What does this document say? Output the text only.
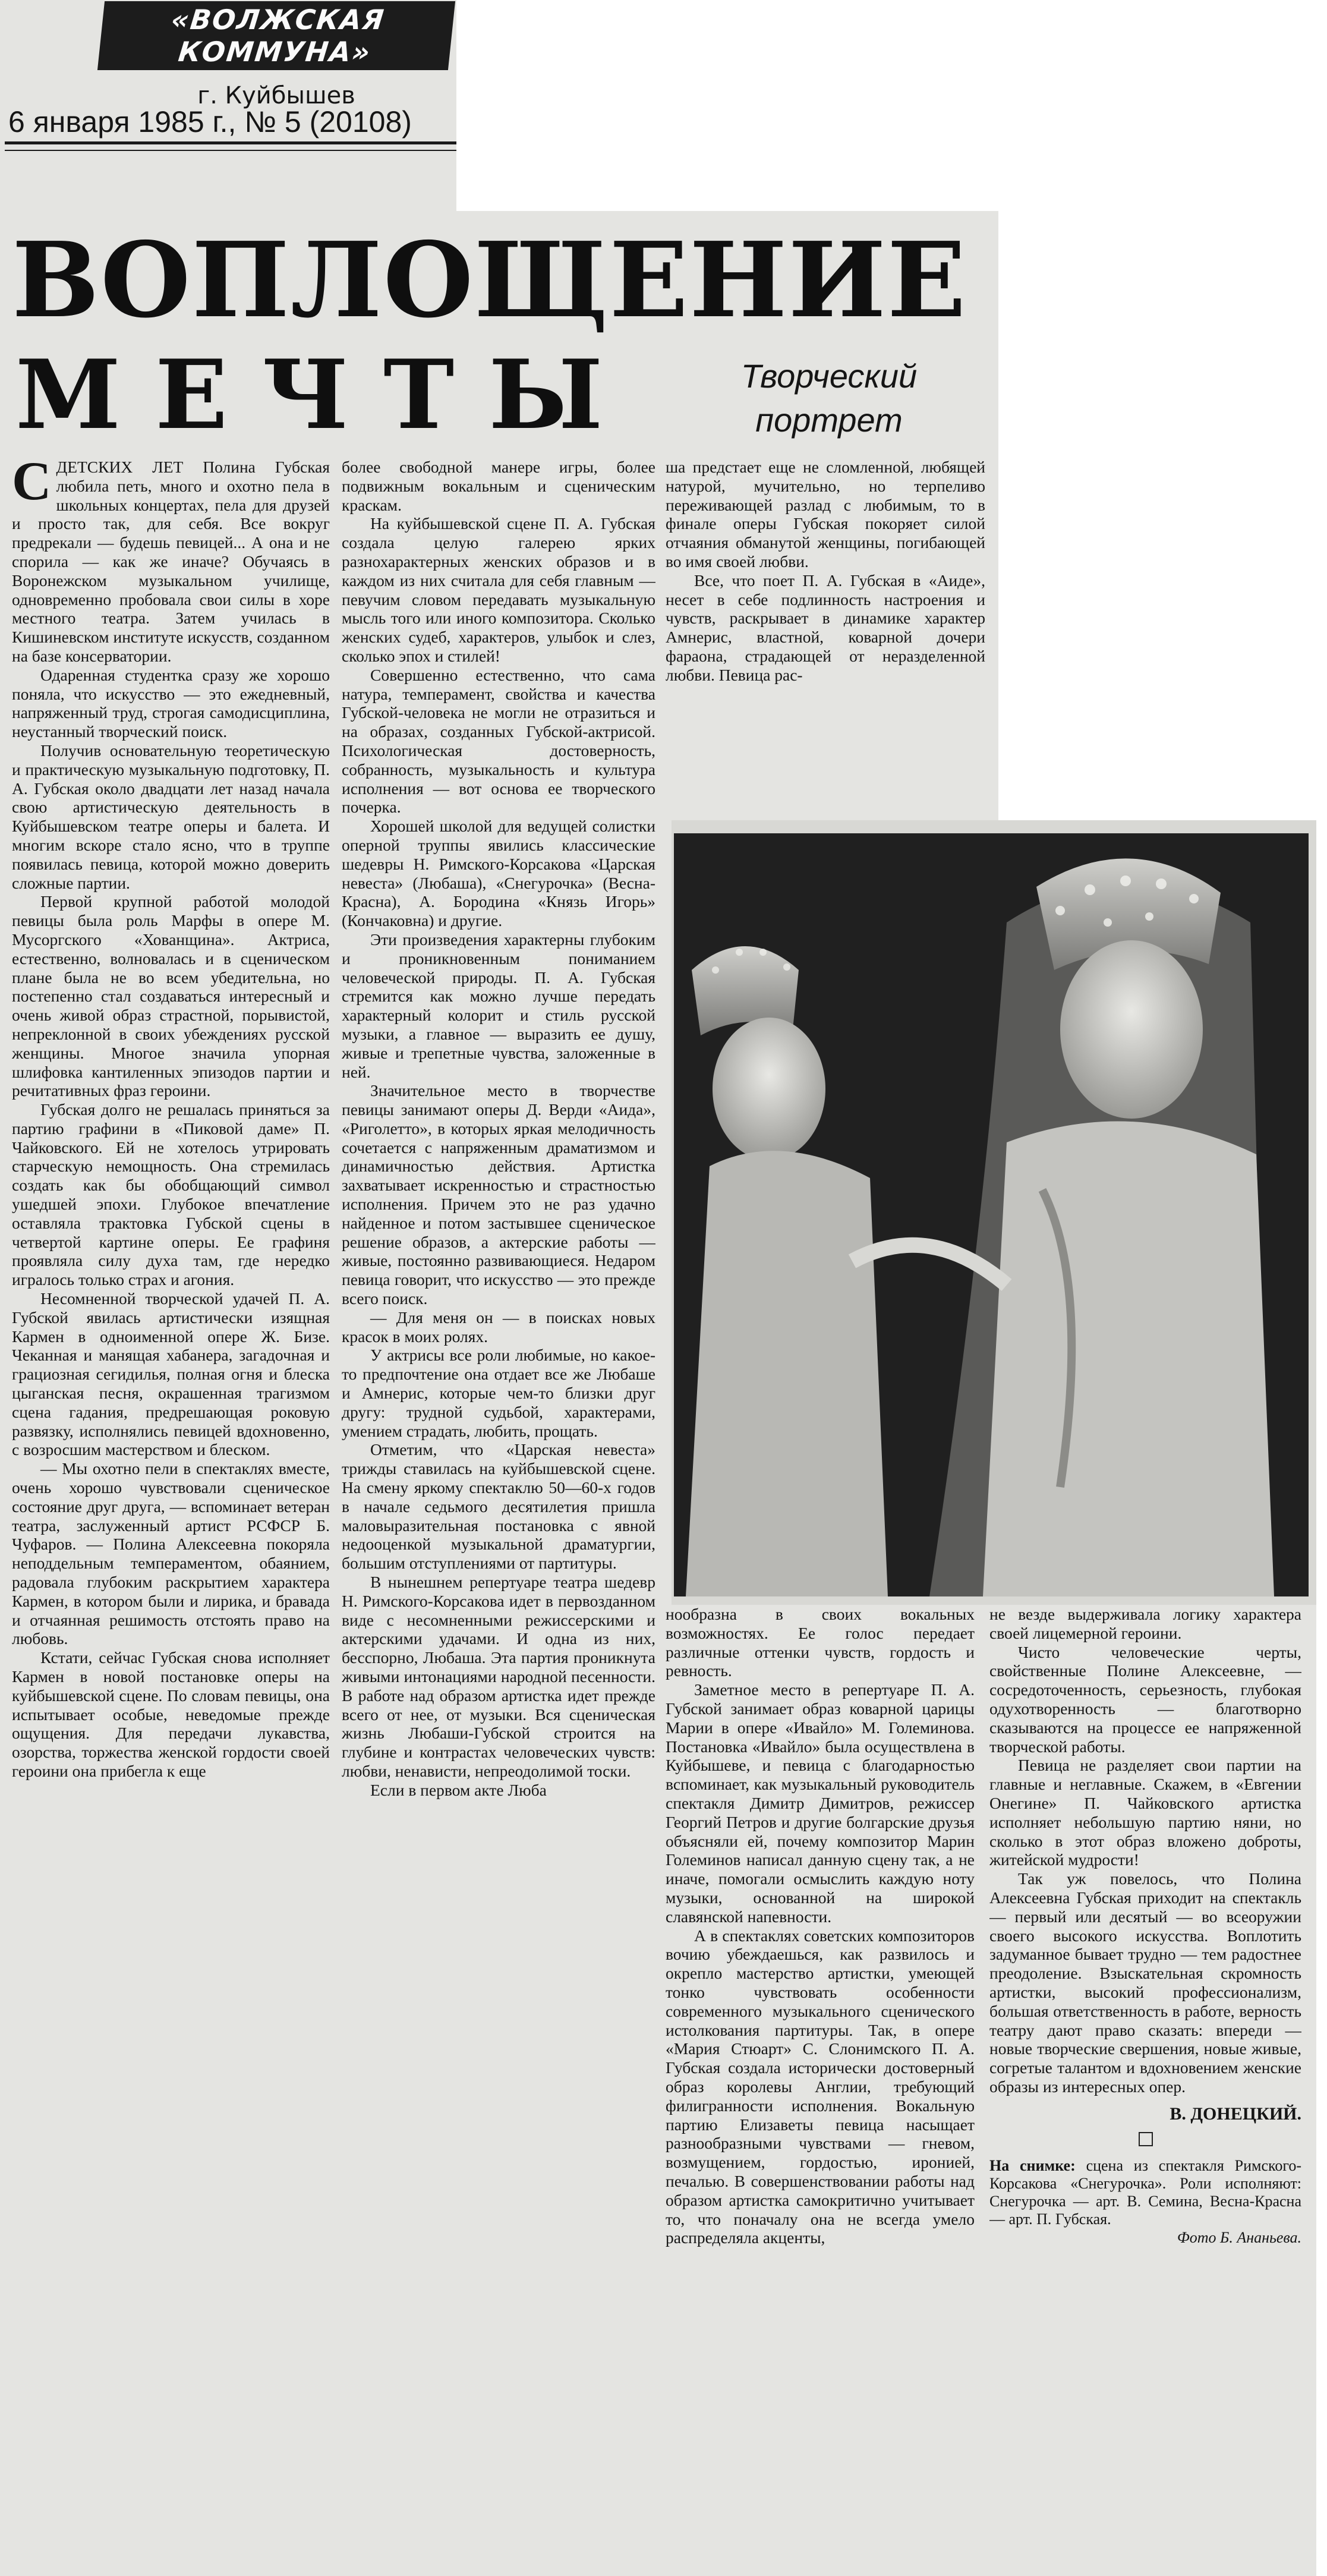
«ВОЛЖСКАЯ КОММУНА»
г. Куйбышев
6 января 1985 г., № 5 (20108)
ВОПЛОЩЕНИЕ
МЕЧТЫ	Творческий
портрет

СДЕТСКИХ ЛЕТ Полина Губская любила петь, много и охотно пела в школьных концертах, пела для друзей и просто так, для себя. Все вокруг предрекали — будешь певицей... А она и не спорила — как же иначе? Обучаясь в Воронежском музыкальном училище, одновременно пробовала свои силы в хоре местного театра. Затем училась в Кишиневском институте искусств, созданном на базе консерватории.

Одаренная студентка сразу же хорошо поняла, что искусство — это ежедневный, напряженный труд, строгая самодисциплина, неустанный творческий поиск.

Получив основательную теоретическую и практическую музыкальную подготовку, П. А. Губская около двадцати лет назад начала свою артистическую деятельность в Куйбышевском театре оперы и балета. И многим вскоре стало ясно, что в труппе появилась певица, которой можно доверить сложные партии.

Первой крупной работой молодой певицы была роль Марфы в опере М. Мусоргского «Хованщина». Актриса, естественно, волновалась и в сценическом плане была не во всем убедительна, но постепенно стал создаваться интересный и очень живой образ страстной, порывистой, непреклонной в своих убеждениях русской женщины. Многое значила упорная шлифовка кантиленных эпизодов партии и речитативных фраз героини.

Губская долго не решалась приняться за партию графини в «Пиковой даме» П. Чайковского. Ей не хотелось утрировать старческую немощность. Она стремилась создать как бы обобщающий символ ушедшей эпохи. Глубокое впечатление оставляла трактовка Губской сцены в четвертой картине оперы. Ее графиня проявляла силу духа там, где нередко игралось только страх и агония.

Несомненной творческой удачей П. А. Губской явилась артистически изящная Кармен в одноименной опере Ж. Бизе. Чеканная и манящая хабанера, загадочная и грациозная сегидилья, полная огня и блеска цыганская песня, окрашенная трагизмом сцена гадания, предрешающая роковую развязку, исполнялись певицей вдохновенно, с возросшим мастерством и блеском.

— Мы охотно пели в спектаклях вместе, очень хорошо чувствовали сценическое состояние друг друга, — вспоминает ветеран театра, заслуженный артист РСФСР Б. Чуфаров. — Полина Алексеевна покоряла неподдельным темпераментом, обаянием, радовала глубоким раскрытием характера Кармен, в котором были и лирика, и бравада и отчаянная решимость отстоять право на любовь.

Кстати, сейчас Губская снова исполняет Кармен в новой постановке оперы на куйбышевской сцене. По словам певицы, она испытывает особые, неведомые прежде ощущения. Для передачи лукавства, озорства, торжества женской гордости своей героини она прибегла к еще

более свободной манере игры, более подвижным вокальным и сценическим краскам.

На куйбышевской сцене П. А. Губская создала целую галерею ярких разнохарактерных женских образов и в каждом из них считала для себя главным — певучим словом передавать музыкальную мысль того или иного композитора. Сколько женских судеб, характеров, улыбок и слез, сколько эпох и стилей!

Совершенно естественно, что сама натура, темперамент, свойства и качества Губской-человека не могли не отразиться и на образах, созданных Губской-актрисой. Психологическая достоверность, собранность, музыкальность и культура исполнения — вот основа ее творческого почерка.

Хорошей школой для ведущей солистки оперной труппы явились классические шедевры Н. Римского-Корсакова «Царская невеста» (Любаша), «Снегурочка» (Весна-Красна), А. Бородина «Князь Игорь» (Кончаковна) и другие.

Эти произведения характерны глубоким и проникновенным пониманием человеческой природы. П. А. Губская стремится как можно лучше передать характерный колорит и стиль русской музыки, а главное — выразить ее душу, живые и трепетные чувства, заложенные в ней.

Значительное место в творчестве певицы занимают оперы Д. Верди «Аида», «Риголетто», в которых яркая мелодичность сочетается с напряженным драматизмом и динамичностью действия. Артистка захватывает искренностью и страстностью исполнения. Причем это не раз удачно найденное и потом застывшее сценическое решение образов, а актерские работы — живые, постоянно развивающиеся. Недаром певица говорит, что искусство — это прежде всего поиск.

— Для меня он — в поисках новых красок в моих ролях.

У актрисы все роли любимые, но какое-то предпочтение она отдает все же Любаше и Амнерис, которые чем-то близки друг другу: трудной судьбой, характерами, умением страдать, любить, прощать.

Отметим, что «Царская невеста» трижды ставилась на куйбышевской сцене. На смену яркому спектаклю 50—60-х годов в начале седьмого десятилетия пришла маловыразительная постановка с явной недооценкой музыкальной драматургии, большим отступлениями от партитуры.

В нынешнем репертуаре театра шедевр Н. Римского-Корсакова идет в первозданном виде с несомненными режиссерскими и актерскими удачами. И одна из них, бесспорно, Любаша. Эта партия проникнута живыми интонациями народной песенности. В работе над образом артистка идет прежде всего от нее, от музыки. Вся сценическая жизнь Любаши-Губской строится на глубине и контрастах человеческих чувств: любви, ненависти, непреодолимой тоски.

Если в первом акте Люба

ша предстает еще не сломленной, любящей натурой, мучительно, но терпеливо переживающей разлад с любимым, то в финале оперы Губская покоряет силой отчаяния обманутой женщины, погибающей во имя своей любви.

Все, что поет П. А. Губская в «Аиде», несет в себе подлинность настроения и чувств, раскрывает в динамике характер Амнерис, властной, коварной дочери фараона, страдающей от неразделенной любви. Певица рас-

нообразна в своих вокальных возможностях. Ее голос передает различные оттенки чувств, гордость и ревность.

Заметное место в репертуаре П. А. Губской занимает образ коварной царицы Марии в опере «Ивайло» М. Големинова. Постановка «Ивайло» была осуществлена в Куйбышеве, и певица с благодарностью вспоминает, как музыкальный руководитель спектакля Димитр Димитров, режиссер Георгий Петров и другие болгарские друзья объясняли ей, почему композитор Марин Големинов написал данную сцену так, а не иначе, помогали осмыслить каждую ноту музыки, основанной на широкой славянской напевности.

А в спектаклях советских композиторов вочию убеждаешься, как развилось и окрепло мастерство артистки, умеющей тонко чувствовать особенности современного музыкального сценического истолкования партитуры. Так, в опере «Мария Стюарт» С. Слонимского П. А. Губская создала исторически достоверный образ королевы Англии, требующий филигранности исполнения. Вокальную партию Елизаветы певица насыщает разнообразными чувствами — гневом, возмущением, гордостью, иронией, печалью. В совершенствовании работы над образом артистка самокритично учитывает то, что поначалу она не всегда умело распределяла акценты,

не везде выдерживала логику характера своей лицемерной героини.

Чисто человеческие черты, свойственные Полине Алексеевне, — сосредоточенность, серьезность, глубокая одухотворенность — благотворно сказываются на процессе ее напряженной творческой работы.

Певица не разделяет свои партии на главные и неглавные. Скажем, в «Евгении Онегине» П. Чайковского артистка исполняет небольшую партию няни, но сколько в этот образ вложено доброты, житейской мудрости!

Так уж повелось, что Полина Алексеевна Губская приходит на спектакль — первый или десятый — во всеоружии своего высокого искусства. Воплотить задуманное бывает трудно — тем радостнее преодоление. Взыскательная скромность артистки, высокий профессионализм, большая ответственность в работе, верность театру дают право сказать: впереди — новые творческие свершения, новые живые, согретые талантом и вдохновением женские образы из интересных опер.

В. ДОНЕЦКИЙ.
На снимке: сцена из спектакля Римского-Корсакова «Снегурочка». Роли исполняют: Снегурочка — арт. В. Семина, Весна-Красна — арт. П. Губская.
Фото Б. Ананьева.
